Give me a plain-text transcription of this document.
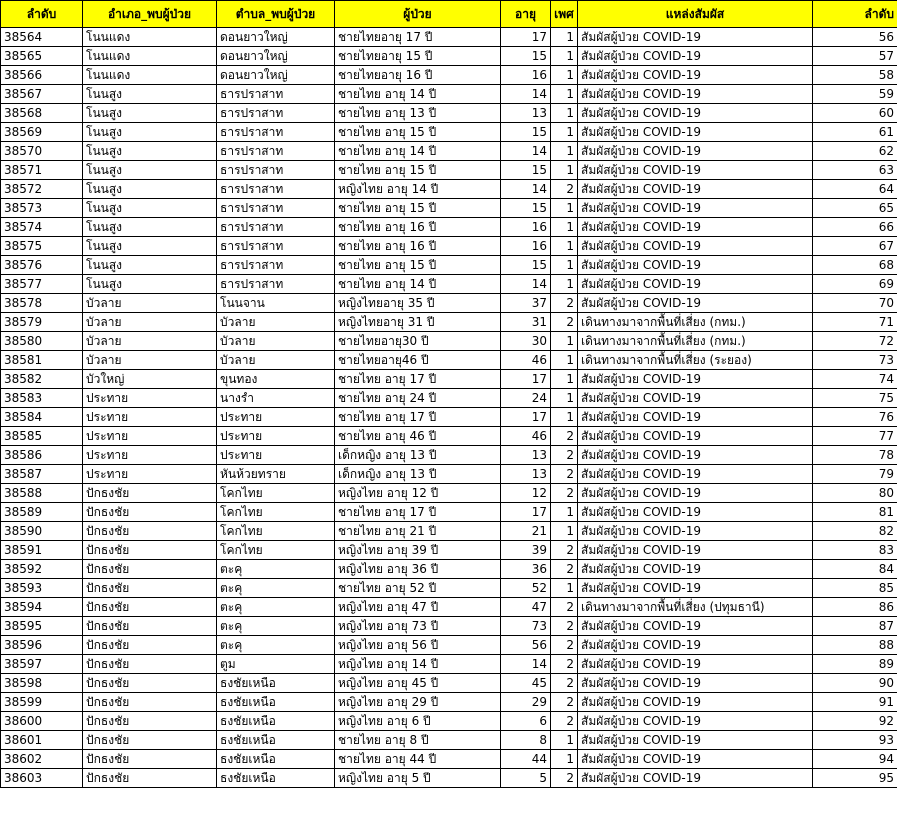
ลำดับ	อำเภอ_พบผู้ป่วย	ตำบล_พบผู้ป่วย	ผู้ป่วย	อายุ	เพศ	แหล่งสัมผัส	ลำดับ
38564	โนนแดง	ดอนยาวใหญ่	ชายไทยอายุ 17 ปี	17	1	สัมผัสผู้ป่วย COVID-19	56
38565	โนนแดง	ดอนยาวใหญ่	ชายไทยอายุ 15 ปี	15	1	สัมผัสผู้ป่วย COVID-19	57
38566	โนนแดง	ดอนยาวใหญ่	ชายไทยอายุ 16 ปี	16	1	สัมผัสผู้ป่วย COVID-19	58
38567	โนนสูง	ธารปราสาท	ชายไทย อายุ 14 ปี	14	1	สัมผัสผู้ป่วย COVID-19	59
38568	โนนสูง	ธารปราสาท	ชายไทย อายุ 13 ปี	13	1	สัมผัสผู้ป่วย COVID-19	60
38569	โนนสูง	ธารปราสาท	ชายไทย อายุ 15 ปี	15	1	สัมผัสผู้ป่วย COVID-19	61
38570	โนนสูง	ธารปราสาท	ชายไทย อายุ 14 ปี	14	1	สัมผัสผู้ป่วย COVID-19	62
38571	โนนสูง	ธารปราสาท	ชายไทย อายุ 15 ปี	15	1	สัมผัสผู้ป่วย COVID-19	63
38572	โนนสูง	ธารปราสาท	หญิงไทย อายุ 14 ปี	14	2	สัมผัสผู้ป่วย COVID-19	64
38573	โนนสูง	ธารปราสาท	ชายไทย อายุ 15 ปี	15	1	สัมผัสผู้ป่วย COVID-19	65
38574	โนนสูง	ธารปราสาท	ชายไทย อายุ 16 ปี	16	1	สัมผัสผู้ป่วย COVID-19	66
38575	โนนสูง	ธารปราสาท	ชายไทย อายุ 16 ปี	16	1	สัมผัสผู้ป่วย COVID-19	67
38576	โนนสูง	ธารปราสาท	ชายไทย อายุ 15 ปี	15	1	สัมผัสผู้ป่วย COVID-19	68
38577	โนนสูง	ธารปราสาท	ชายไทย อายุ 14 ปี	14	1	สัมผัสผู้ป่วย COVID-19	69
38578	บัวลาย	โนนจาน	หญิงไทยอายุ 35 ปี	37	2	สัมผัสผู้ป่วย COVID-19	70
38579	บัวลาย	บัวลาย	หญิงไทยอายุ 31 ปี	31	2	เดินทางมาจากพื้นที่เสี่ยง (กทม.)	71
38580	บัวลาย	บัวลาย	ชายไทยอายุ30 ปี	30	1	เดินทางมาจากพื้นที่เสี่ยง (กทม.)	72
38581	บัวลาย	บัวลาย	ชายไทยอายุ46 ปี	46	1	เดินทางมาจากพื้นที่เสี่ยง (ระยอง)	73
38582	บัวใหญ่	ขุนทอง	ชายไทย อายุ 17 ปี	17	1	สัมผัสผู้ป่วย COVID-19	74
38583	ประทาย	นางรำ	ชายไทย อายุ 24 ปี	24	1	สัมผัสผู้ป่วย COVID-19	75
38584	ประทาย	ประทาย	ชายไทย อายุ 17 ปี	17	1	สัมผัสผู้ป่วย COVID-19	76
38585	ประทาย	ประทาย	ชายไทย อายุ 46 ปี	46	2	สัมผัสผู้ป่วย COVID-19	77
38586	ประทาย	ประทาย	เด็กหญิง อายุ 13 ปี	13	2	สัมผัสผู้ป่วย COVID-19	78
38587	ประทาย	หันห้วยทราย	เด็กหญิง อายุ 13 ปี	13	2	สัมผัสผู้ป่วย COVID-19	79
38588	ปักธงชัย	โคกไทย	หญิงไทย อายุ 12 ปี	12	2	สัมผัสผู้ป่วย COVID-19	80
38589	ปักธงชัย	โคกไทย	ชายไทย อายุ 17 ปี	17	1	สัมผัสผู้ป่วย COVID-19	81
38590	ปักธงชัย	โคกไทย	ชายไทย อายุ 21 ปี	21	1	สัมผัสผู้ป่วย COVID-19	82
38591	ปักธงชัย	โคกไทย	หญิงไทย อายุ 39 ปี	39	2	สัมผัสผู้ป่วย COVID-19	83
38592	ปักธงชัย	ตะคุ	หญิงไทย อายุ 36 ปี	36	2	สัมผัสผู้ป่วย COVID-19	84
38593	ปักธงชัย	ตะคุ	ชายไทย อายุ 52 ปี	52	1	สัมผัสผู้ป่วย COVID-19	85
38594	ปักธงชัย	ตะคุ	หญิงไทย อายุ 47 ปี	47	2	เดินทางมาจากพื้นที่เสี่ยง (ปทุมธานี)	86
38595	ปักธงชัย	ตะคุ	หญิงไทย อายุ 73 ปี	73	2	สัมผัสผู้ป่วย COVID-19	87
38596	ปักธงชัย	ตะคุ	หญิงไทย อายุ 56 ปี	56	2	สัมผัสผู้ป่วย COVID-19	88
38597	ปักธงชัย	ตูม	หญิงไทย อายุ 14 ปี	14	2	สัมผัสผู้ป่วย COVID-19	89
38598	ปักธงชัย	ธงชัยเหนือ	หญิงไทย อายุ 45 ปี	45	2	สัมผัสผู้ป่วย COVID-19	90
38599	ปักธงชัย	ธงชัยเหนือ	หญิงไทย อายุ 29 ปี	29	2	สัมผัสผู้ป่วย COVID-19	91
38600	ปักธงชัย	ธงชัยเหนือ	หญิงไทย อายุ 6 ปี	6	2	สัมผัสผู้ป่วย COVID-19	92
38601	ปักธงชัย	ธงชัยเหนือ	ชายไทย อายุ 8 ปี	8	1	สัมผัสผู้ป่วย COVID-19	93
38602	ปักธงชัย	ธงชัยเหนือ	ชายไทย อายุ 44 ปี	44	1	สัมผัสผู้ป่วย COVID-19	94
38603	ปักธงชัย	ธงชัยเหนือ	หญิงไทย อายุ 5 ปี	5	2	สัมผัสผู้ป่วย COVID-19	95
